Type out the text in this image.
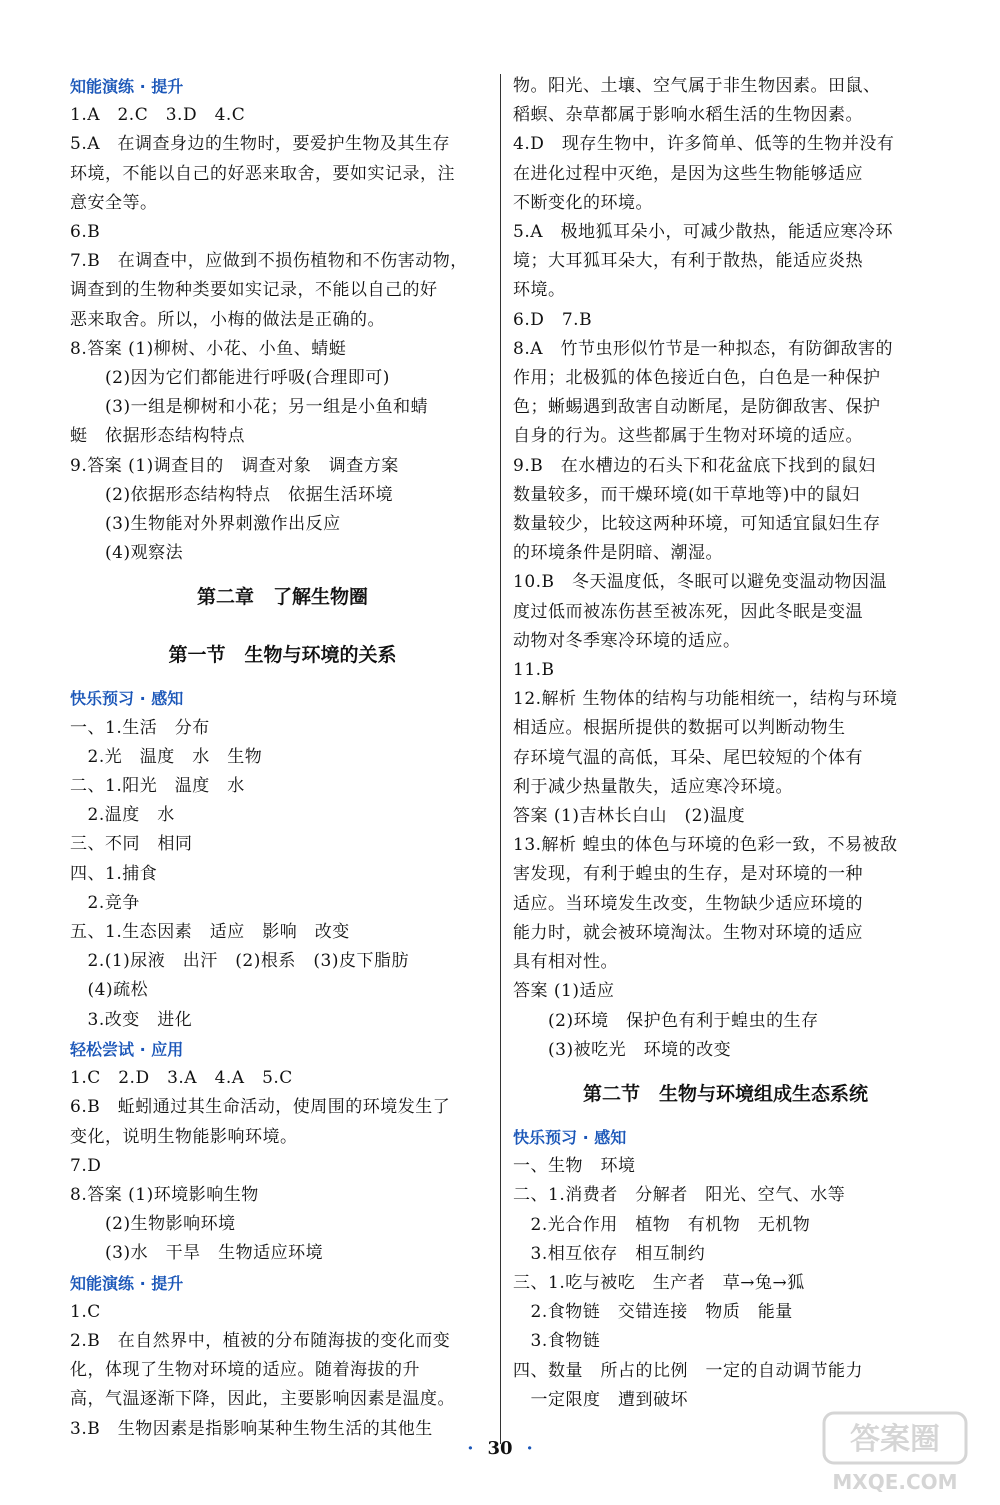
知能演练 · 提升
1.A　2.C　3.D　4.C
5.A　在调查身边的生物时，要爱护生物及其生存
环境，不能以自己的好恶来取舍，要如实记录，注
意安全等。
6.B
7.B　在调查中，应做到不损伤植物和不伤害动物，
调查到的生物种类要如实记录，不能以自己的好
恶来取舍。所以，小梅的做法是正确的。
8.答案 (1)柳树、小花、小鱼、蜻蜓
　　(2)因为它们都能进行呼吸(合理即可)
　　(3)一组是柳树和小花；另一组是小鱼和蜻
蜓　依据形态结构特点
9.答案 (1)调查目的　调查对象　调查方案
　　(2)依据形态结构特点　依据生活环境
　　(3)生物能对外界刺激作出反应
　　(4)观察法
第二章　了解生物圈
第一节　生物与环境的关系
快乐预习 · 感知
一、1.生活　分布
　2.光　温度　水　生物
二、1.阳光　温度　水
　2.温度　水
三、不同　相同
四、1.捕食
　2.竞争
五、1.生态因素　适应　影响　改变
　2.(1)尿液　出汗　(2)根系　(3)皮下脂肪
　(4)疏松
　3.改变　进化
轻松尝试 · 应用
1.C　2.D　3.A　4.A　5.C
6.B　蚯蚓通过其生命活动，使周围的环境发生了
变化，说明生物能影响环境。
7.D
8.答案 (1)环境影响生物
　　(2)生物影响环境
　　(3)水　干旱　生物适应环境
知能演练 · 提升
1.C
2.B　在自然界中，植被的分布随海拔的变化而变
化，体现了生物对环境的适应。随着海拔的升
高，气温逐渐下降，因此，主要影响因素是温度。
3.B　生物因素是指影响某种生物生活的其他生
物。阳光、土壤、空气属于非生物因素。田鼠、
稻螟、杂草都属于影响水稻生活的生物因素。
4.D　现存生物中，许多简单、低等的生物并没有
在进化过程中灭绝，是因为这些生物能够适应
不断变化的环境。
5.A　极地狐耳朵小，可减少散热，能适应寒冷环
境；大耳狐耳朵大，有利于散热，能适应炎热
环境。
6.D　7.B
8.A　竹节虫形似竹节是一种拟态，有防御敌害的
作用；北极狐的体色接近白色，白色是一种保护
色；蜥蜴遇到敌害自动断尾，是防御敌害、保护
自身的行为。这些都属于生物对环境的适应。
9.B　在水槽边的石头下和花盆底下找到的鼠妇
数量较多，而干燥环境(如干草地等)中的鼠妇
数量较少，比较这两种环境，可知适宜鼠妇生存
的环境条件是阴暗、潮湿。
10.B　冬天温度低，冬眠可以避免变温动物因温
度过低而被冻伤甚至被冻死，因此冬眠是变温
动物对冬季寒冷环境的适应。
11.B
12.解析 生物体的结构与功能相统一，结构与环境
相适应。根据所提供的数据可以判断动物生
存环境气温的高低，耳朵、尾巴较短的个体有
利于减少热量散失，适应寒冷环境。
答案 (1)吉林长白山　(2)温度
13.解析 蝗虫的体色与环境的色彩一致，不易被敌
害发现，有利于蝗虫的生存，是对环境的一种
适应。当环境发生改变，生物缺少适应环境的
能力时，就会被环境淘汰。生物对环境的适应
具有相对性。
答案 (1)适应
　　(2)环境　保护色有利于蝗虫的生存
　　(3)被吃光　环境的改变
第二节　生物与环境组成生态系统
快乐预习 · 感知
一、生物　环境
二、1.消费者　分解者　阳光、空气、水等
　2.光合作用　植物　有机物　无机物
　3.相互依存　相互制约
三、1.吃与被吃　生产者　草→兔→狐
　2.食物链　交错连接　物质　能量
　3.食物链
四、数量　所占的比例　一定的自动调节能力
　一定限度　遭到破坏
· 30 ·	答案圈
MXQE.COM
